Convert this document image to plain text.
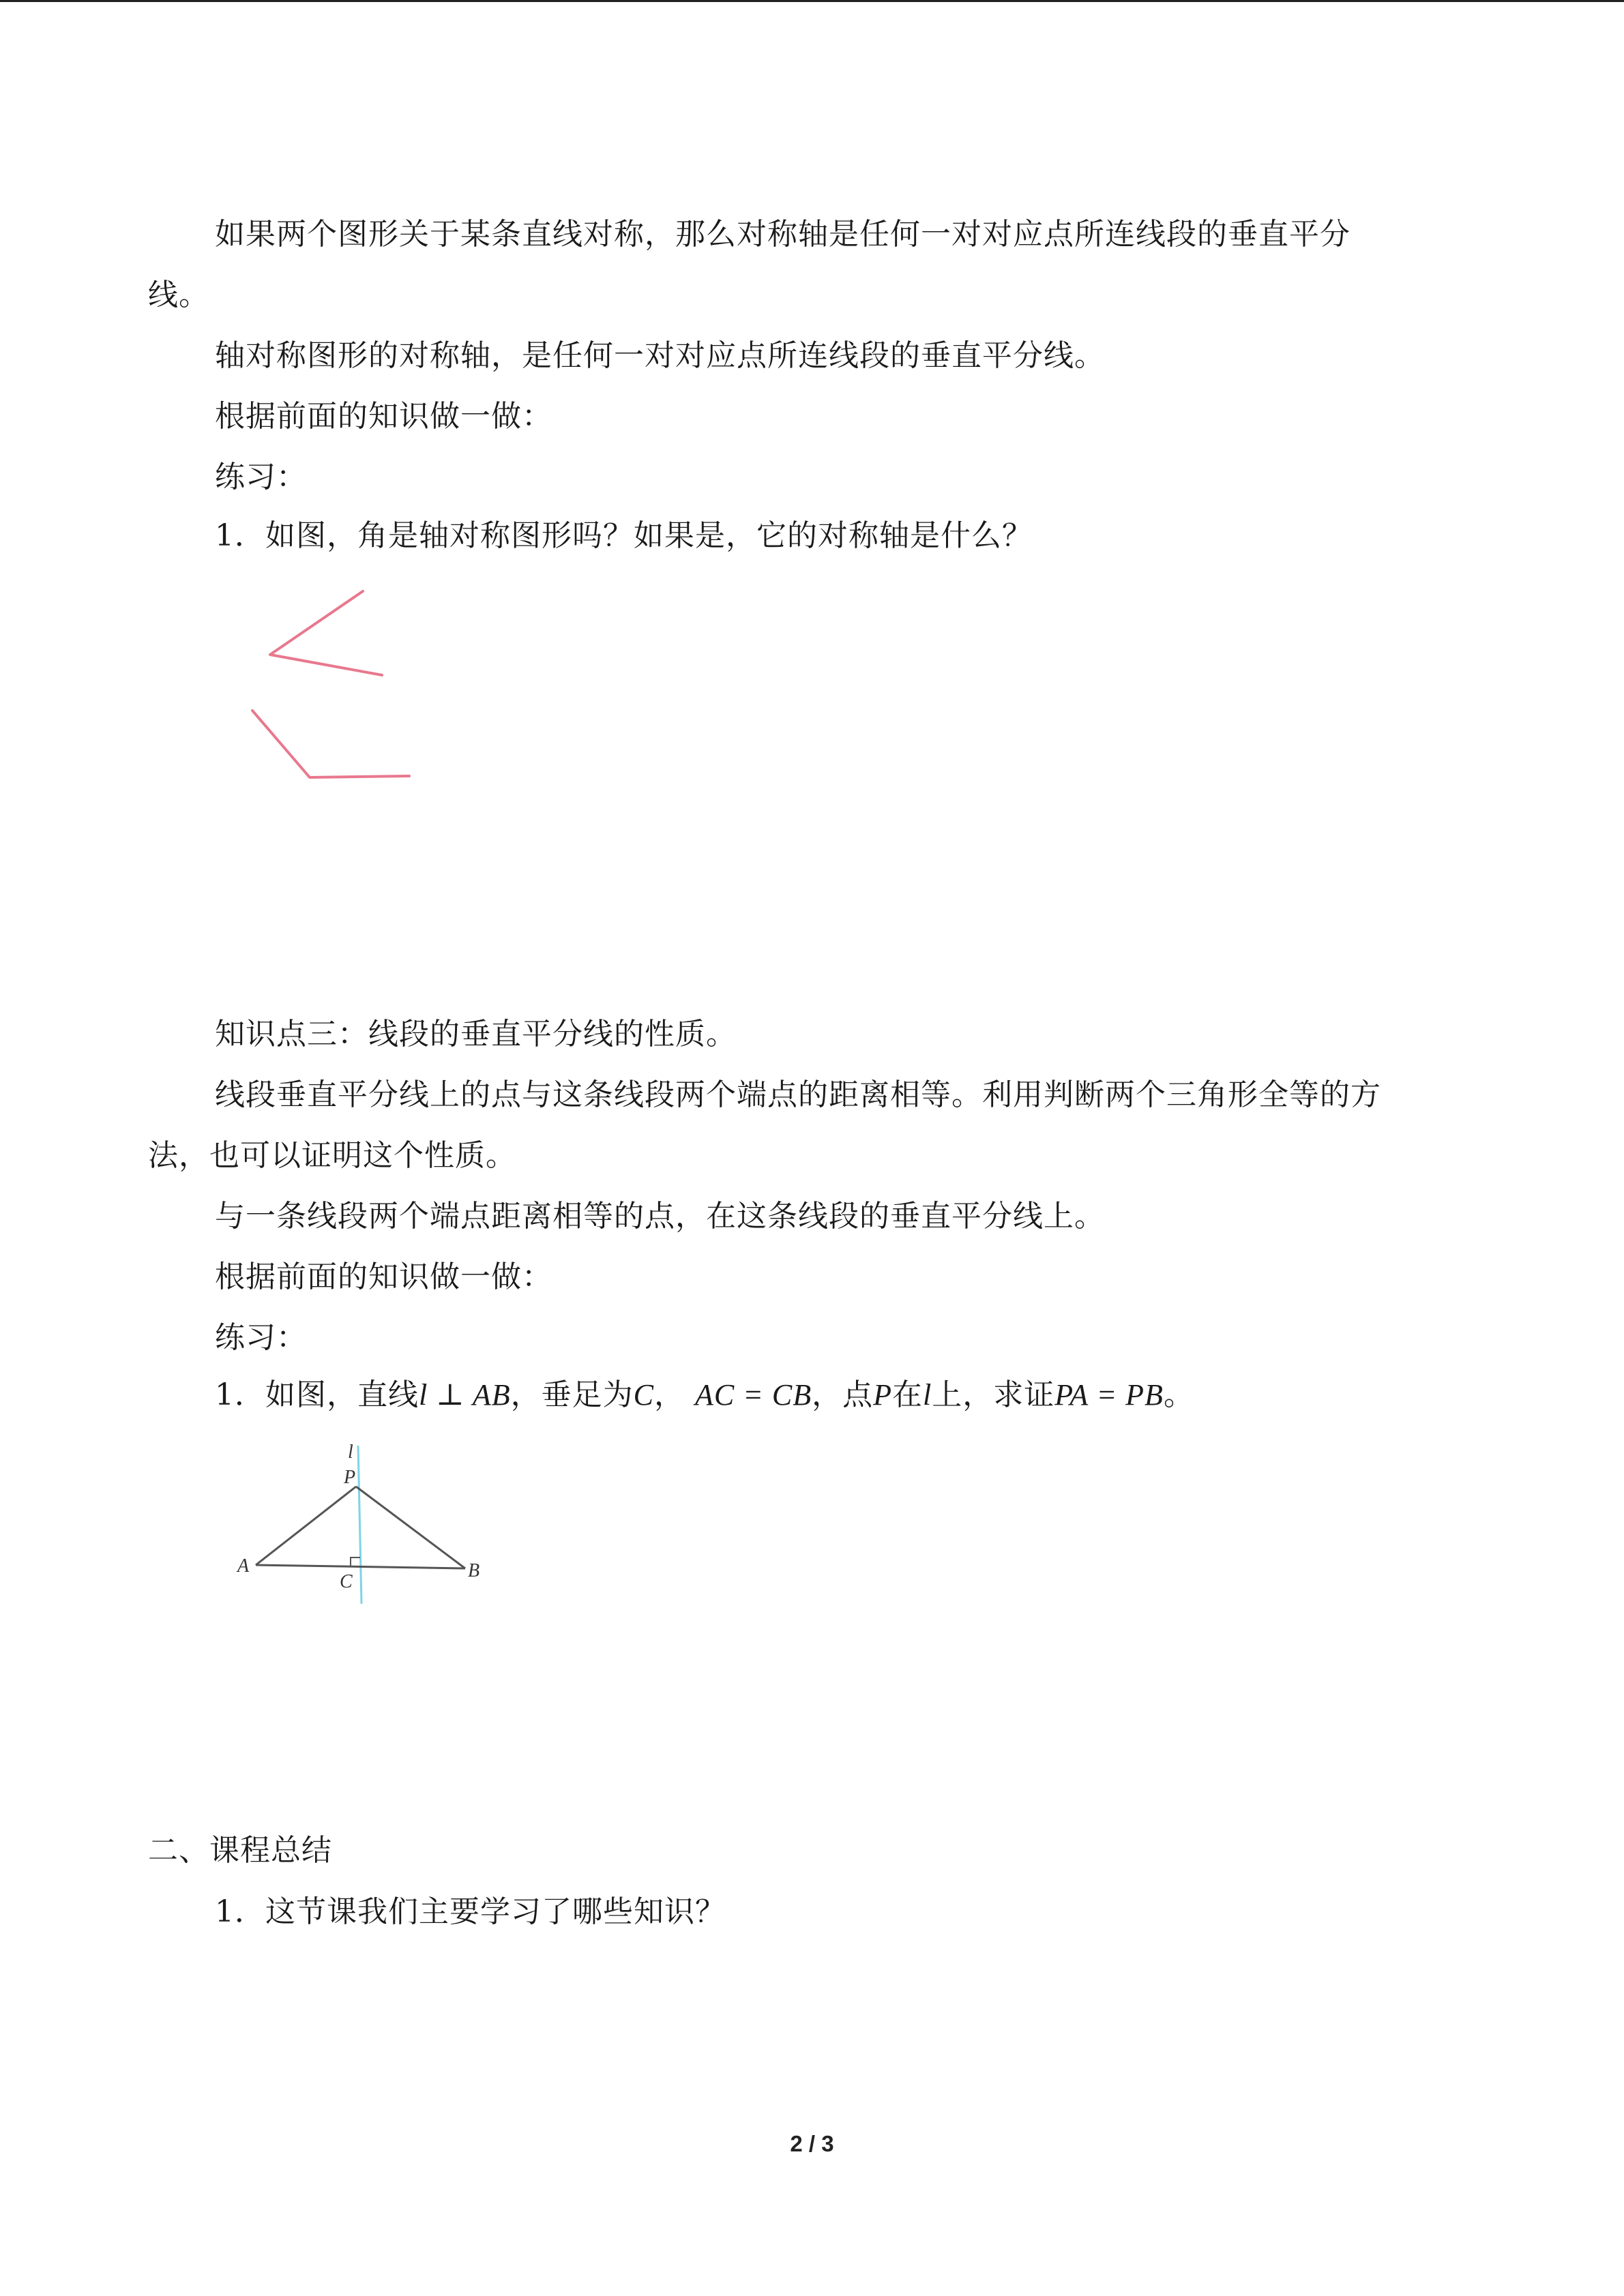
如果两个图形关于某条直线对称，那么对称轴是任何一对对应点所连线段的垂直平分
线。
轴对称图形的对称轴，是任何一对对应点所连线段的垂直平分线。
根据前面的知识做一做：
练习：
1．如图，角是轴对称图形吗？如果是，它的对称轴是什么？
知识点三：线段的垂直平分线的性质。
线段垂直平分线上的点与这条线段两个端点的距离相等。利用判断两个三角形全等的方
法，也可以证明这个性质。
与一条线段两个端点距离相等的点，在这条线段的垂直平分线上。
根据前面的知识做一做：
练习：
1．如图，直线l ⊥ AB，垂足为C， AC = CB，点P在l上，求证PA = PB。
l
P
A	B
C
二、课程总结
1．这节课我们主要学习了哪些知识？
2 / 3
